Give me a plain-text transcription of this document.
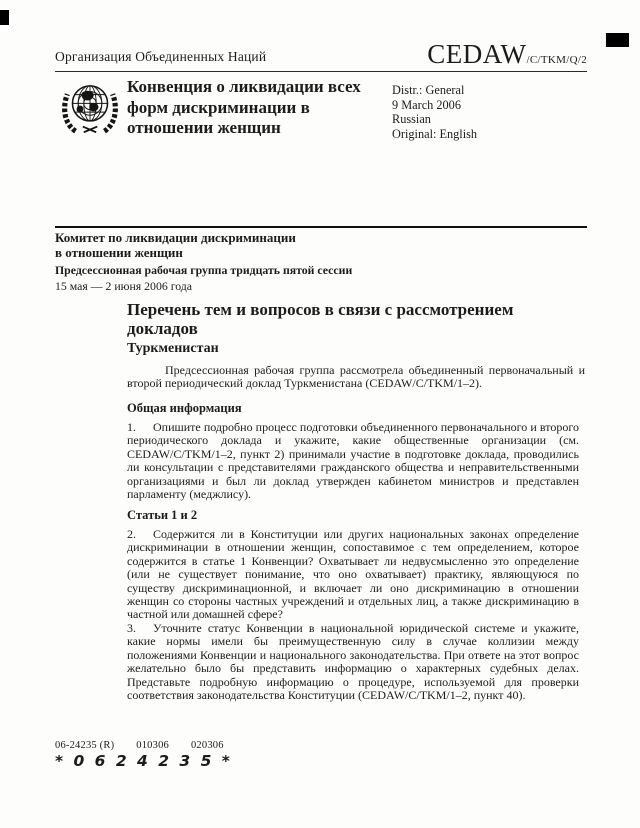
Организация Объединенных Наций	CEDAW /C/TKM/Q/2
Конвенция о ликвидации всех форм дискриминации в отношении женщин
Distr.: General
9 March 2006
Russian
Original: English
Комитет по ликвидации дискриминации
в отношении женщин
Предсессионная рабочая группа тридцать пятой сессии
15 мая — 2 июня 2006 года
Перечень тем и вопросов в связи с рассмотрением докладов
Туркменистан

Предсессионная рабочая группа рассмотрела объединенный первоначальный и второй периодический доклад Туркменистана (CEDAW/C/TKM/1–2).

Общая информация

1. Опишите подробно процесс подготовки объединенного первоначального и второго периодического доклада и укажите, какие общественные организации (см. CEDAW/C/TKM/1–2, пункт 2) принимали участие в подготовке доклада, проводились ли консультации с представителями гражданского общества и неправительственными организациями и был ли доклад утвержден кабинетом министров и представлен парламенту (меджлису).

Статьи 1 и 2

2. Содержится ли в Конституции или других национальных законах определение дискриминации в отношении женщин, сопоставимое с тем определением, которое содержится в статье 1 Конвенции? Охватывает ли недвусмысленно это определение (или не существует понимание, что оно охватывает) практику, являющуюся по существу дискриминационной, и включает ли оно дискриминацию в отношении женщин со стороны частных учреждений и отдельных лиц, а также дискриминацию в частной или домашней сфере?

3. Уточните статус Конвенции в национальной юридической системе и укажите, какие нормы имели бы преимущественную силу в случае коллизии между положениями Конвенции и национального законодательства. При ответе на этот вопрос желательно было бы представить информацию о характерных судебных делах. Представьте подробную информацию о процедуре, используемой для проверки соответствия законодательства Конституции (CEDAW/C/TKM/1–2, пункт 40).

06-24235 (R) 010306 020306
* 0 6 2 4 2 3 5 *
